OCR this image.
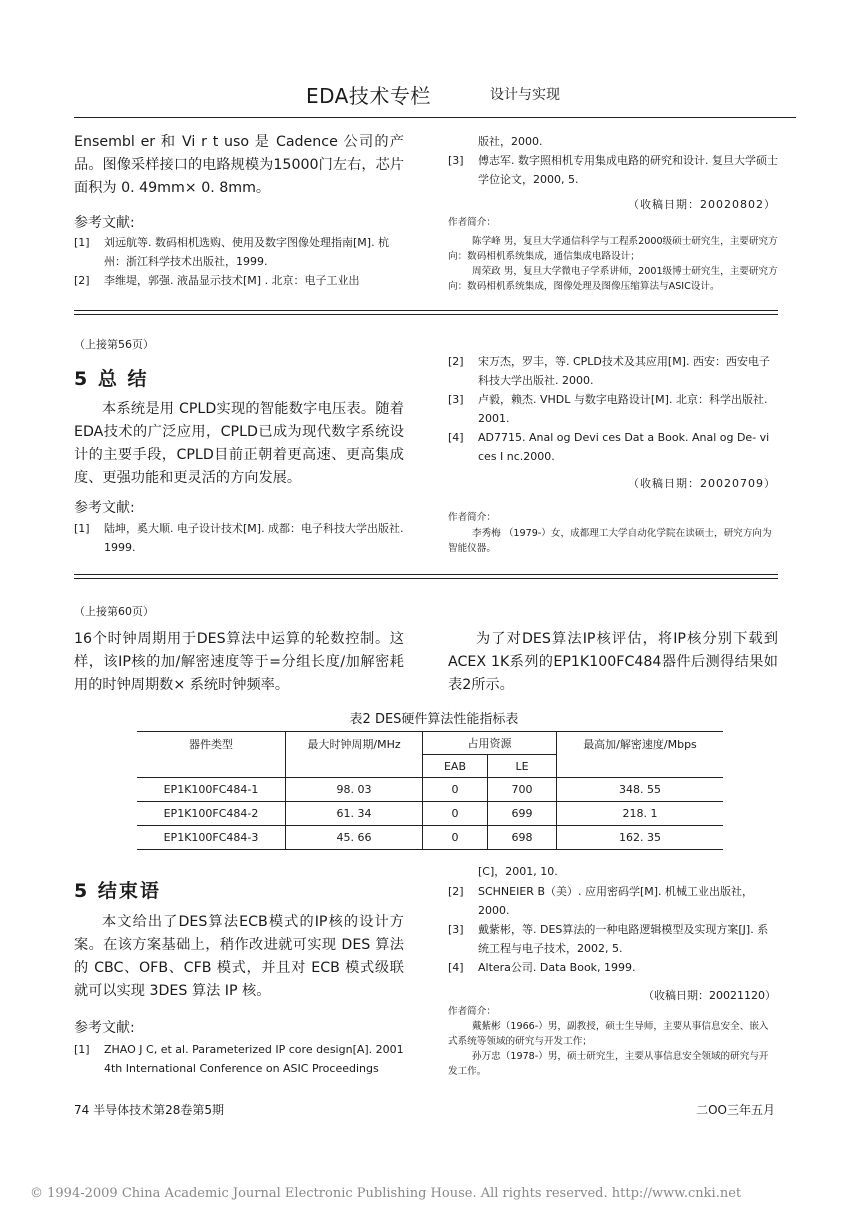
EDA技术专栏	设计与实现
Ensembl er 和 Vi r t uso 是 Cadence 公司的产品。图像采样接口的电路规模为15000门左右，芯片面积为 0. 49mm× 0. 8mm。
参考文献:
[1] 刘远航等. 数码相机选购、使用及数字图像处理指南[M]. 杭州：浙江科学技术出版社，1999.
[2] 李维堤，郭强. 液晶显示技术[M] . 北京：电子工业出
版社，2000.
[3] 傅志军. 数字照相机专用集成电路的研究和设计. 复旦大学硕士学位论文，2000, 5.
（收稿日期：20020802）
作者简介：
陈学峰 男，复旦大学通信科学与工程系2000级硕士研究生，主要研究方向：数码相机系统集成，通信集成电路设计；
周荣政 男，复旦大学微电子学系讲师，2001级博士研究生，主要研究方向：数码相机系统集成，图像处理及图像压缩算法与ASIC设计。
（上接第56页）
5 总 结
本系统是用 CPLD实现的智能数字电压表。随着 EDA技术的广泛应用，CPLD已成为现代数字系统设计的主要手段，CPLD目前正朝着更高速、更高集成度、更强功能和更灵活的方向发展。
参考文献:
[1] 陆坤，奚大顺. 电子设计技术[M]. 成都：电子科技大学出版社. 1999.
[2] 宋万杰，罗丰，等. CPLD技术及其应用[M]. 西安：西安电子科技大学出版社. 2000.
[3] 卢毅，赖杰. VHDL 与数字电路设计[M]. 北京：科学出版社. 2001.
[4] AD7715. Anal og Devi ces Dat a Book. Anal og De- vi ces I nc.2000.
（收稿日期：20020709）
作者简介：
李秀梅 （1979-）女，成都理工大学自动化学院在读硕士，研究方向为智能仪器。
（上接第60页）
16个时钟周期用于DES算法中运算的轮数控制。这样，该IP核的加/解密速度等于=分组长度/加解密耗用的时钟周期数× 系统时钟频率。
为了对DES算法IP核评估，将IP核分别下载到ACEX 1K系列的EP1K100FC484器件后测得结果如表2所示。
表2 DES硬件算法性能指标表
器件类型	最大时钟周期/MHz	占用资源		最高加/解密速度/Mbps
		EAB	LE	
EP1K100FC484-1	98. 03	0	700	348. 55
EP1K100FC484-2	61. 34	0	699	218. 1
EP1K100FC484-3	45. 66	0	698	162. 35
5 结束语
本文给出了DES算法ECB模式的IP核的设计方案。在该方案基础上，稍作改进就可实现 DES 算法的 CBC、OFB、CFB 模式，并且对 ECB 模式级联就可以实现 3DES 算法 IP 核。
参考文献:
[1] ZHAO J C, et al. Parameterized IP core design[A]. 2001 4th International Conference on ASIC Proceedings
[C]，2001, 10.
[2] SCHNEIER B（美）. 应用密码学[M]. 机械工业出版社，2000.
[3] 戴紫彬，等. DES算法的一种电路逻辑模型及实现方案[J]. 系统工程与电子技术，2002, 5.
[4] Altera公司. Data Book, 1999.
（收稿日期：20021120）
作者简介：
戴紫彬（1966-）男，副教授，硕士生导师，主要从事信息安全、嵌入式系统等领域的研究与开发工作；
孙万忠（1978-）男，硕士研究生，主要从事信息安全领域的研究与开发工作。
74 半导体技术第28卷第5期	二OO三年五月
© 1994-2009 China Academic Journal Electronic Publishing House. All rights reserved. http://www.cnki.net
